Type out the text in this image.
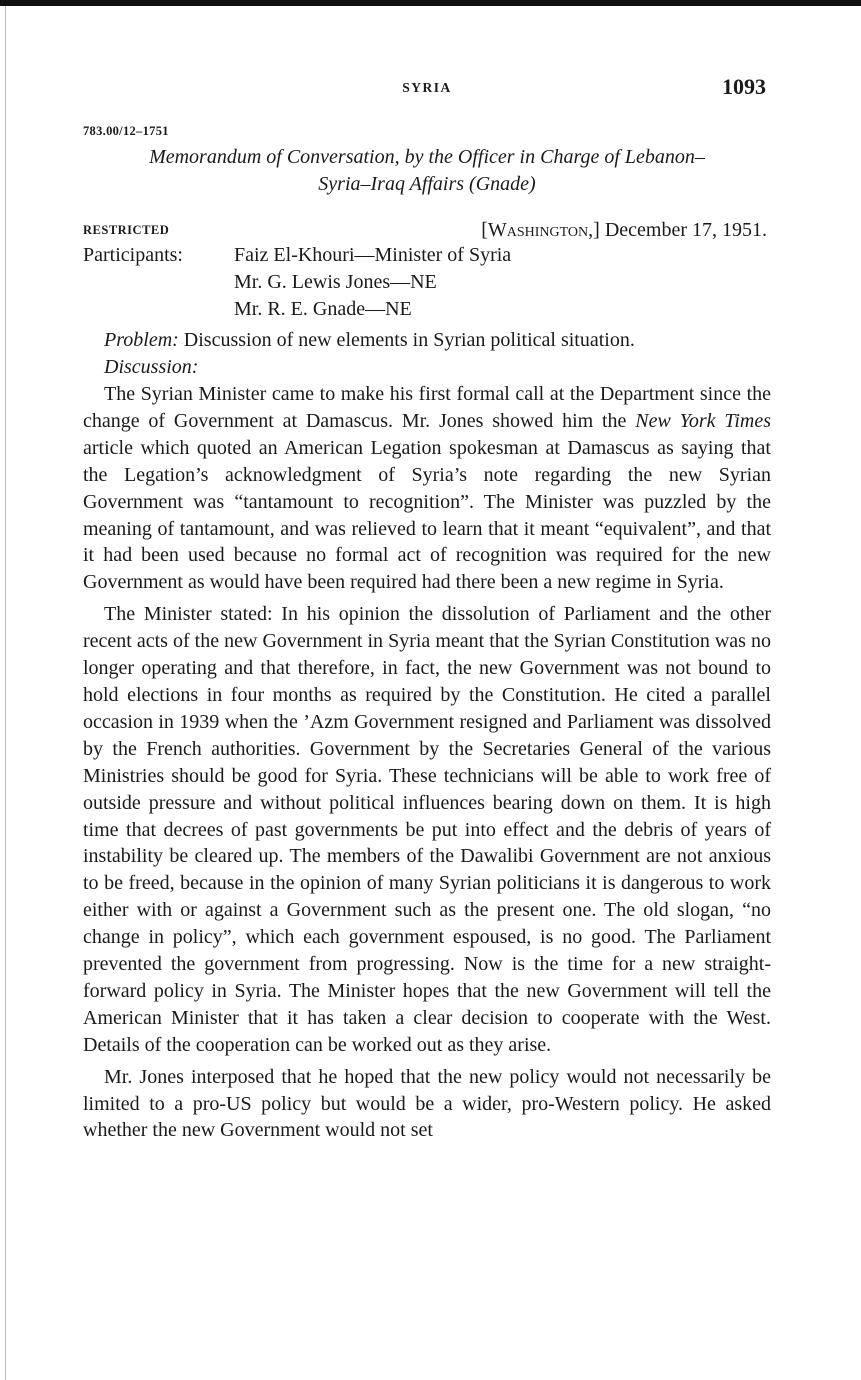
SYRIA	1093
783.00/12–1751
Memorandum of Conversation, by the Officer in Charge of Lebanon–
Syria–Iraq Affairs (Gnade)
RESTRICTED	[Washington,] December 17, 1951.
Participants:	Faiz El-Khouri—Minister of Syria
Mr. G. Lewis Jones—NE
Mr. R. E. Gnade—NE
Problem: Discussion of new elements in Syrian political situation.
Discussion:

The Syrian Minister came to make his first formal call at the Department since the change of Government at Damascus. Mr. Jones showed him the New York Times article which quoted an American Legation spokesman at Damascus as saying that the Legation’s acknowledgment of Syria’s note regarding the new Syrian Government was “tantamount to recognition”. The Minister was puzzled by the meaning of tantamount, and was relieved to learn that it meant “equivalent”, and that it had been used because no formal act of recognition was required for the new Government as would have been required had there been a new regime in Syria.

The Minister stated: In his opinion the dissolution of Parliament and the other recent acts of the new Government in Syria meant that the Syrian Constitution was no longer operating and that therefore, in fact, the new Government was not bound to hold elections in four months as required by the Constitution. He cited a parallel occasion in 1939 when the ’Azm Government resigned and Parliament was dissolved by the French authorities. Government by the Secretaries General of the various Ministries should be good for Syria. These technicians will be able to work free of outside pressure and without political influences bearing down on them. It is high time that decrees of past governments be put into effect and the debris of years of instability be cleared up. The members of the Dawalibi Government are not anxious to be freed, because in the opinion of many Syrian politicians it is dangerous to work either with or against a Government such as the present one. The old slogan, “no change in policy”, which each government espoused, is no good. The Parliament prevented the government from progressing. Now is the time for a new straight-forward policy in Syria. The Minister hopes that the new Government will tell the American Minister that it has taken a clear decision to cooperate with the West. Details of the cooperation can be worked out as they arise.

Mr. Jones interposed that he hoped that the new policy would not necessarily be limited to a pro-US policy but would be a wider, pro-Western policy. He asked whether the new Government would not set
